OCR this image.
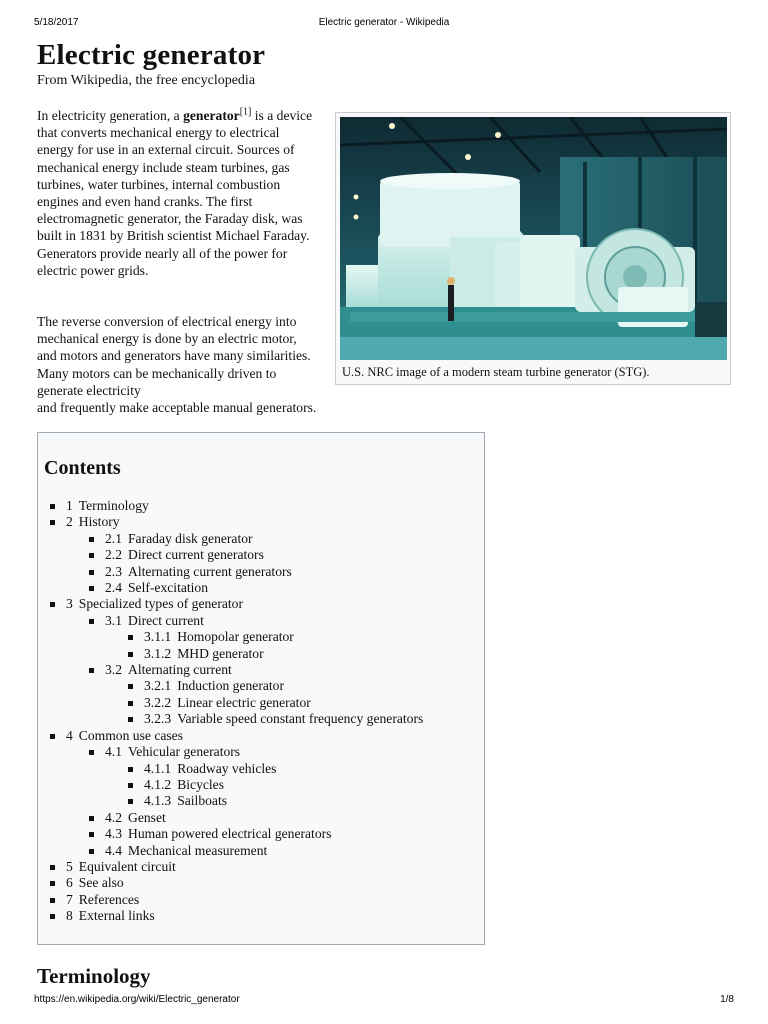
5/18/2017	Electric generator - Wikipedia
Electric generator
From Wikipedia, the free encyclopedia

In electricity generation, a generator[1] is a device that converts mechanical energy to electrical energy for use in an external circuit. Sources of mechanical energy include steam turbines, gas turbines, water turbines, internal combustion engines and even hand cranks. The first electromagnetic generator, the Faraday disk, was built in 1831 by British scientist Michael Faraday. Generators provide nearly all of the power for electric power grids.

The reverse conversion of electrical energy into mechanical energy is done by an electric motor, and motors and generators have many similarities. Many motors can be mechanically driven to generate electricity
and frequently make acceptable manual generators.

U.S. NRC image of a modern steam turbine generator (STG).
Contents
1 Terminology
2 History
2.1 Faraday disk generator
2.2 Direct current generators
2.3 Alternating current generators
2.4 Self-excitation
3 Specialized types of generator
3.1 Direct current
3.1.1 Homopolar generator
3.1.2 MHD generator
3.2 Alternating current
3.2.1 Induction generator
3.2.2 Linear electric generator
3.2.3 Variable speed constant frequency generators
4 Common use cases
4.1 Vehicular generators
4.1.1 Roadway vehicles
4.1.2 Bicycles
4.1.3 Sailboats
4.2 Genset
4.3 Human powered electrical generators
4.4 Mechanical measurement
5 Equivalent circuit
6 See also
7 References
8 External links
Terminology
https://en.wikipedia.org/wiki/Electric_generator	1/8
